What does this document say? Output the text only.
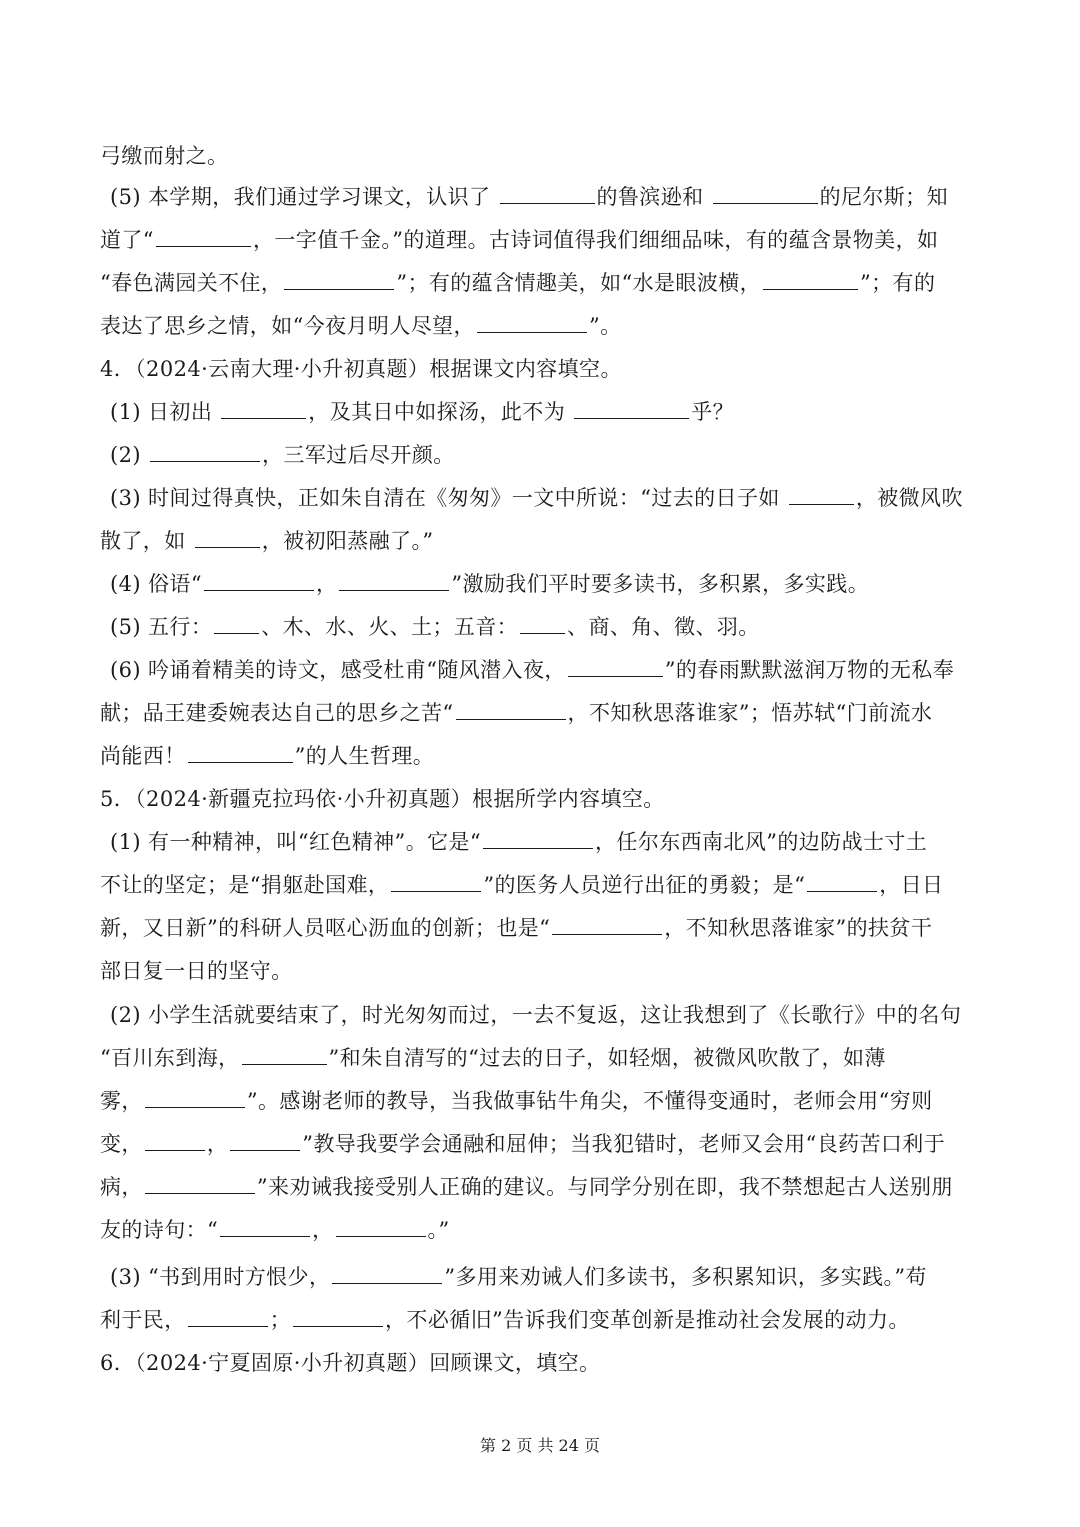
弓缴而射之。
(5) 本学期，我们通过学习课文，认识了	的鲁滨逊和	的尼尔斯；知
道了“	，一字值千金。”的道理。古诗词值得我们细细品味，有的蕴含景物美，如
“春色满园关不住，	”；有的蕴含情趣美，如“水是眼波横，	”；有的
表达了思乡之情，如“今夜月明人尽望，	”。
4．（2024·云南大理·小升初真题）根据课文内容填空。
(1) 日初出	，及其日中如探汤，此不为	乎？
(2)	，三军过后尽开颜。
(3) 时间过得真快，正如朱自清在《匆匆》一文中所说：“过去的日子如	，被微风吹
散了，如	，被初阳蒸融了。”
(4) 俗语“	，	”激励我们平时要多读书，多积累，多实践。
(5) 五行： 、木、水、火、土；五音： 、商、角、徵、羽。
(6) 吟诵着精美的诗文，感受杜甫“随风潜入夜，	”的春雨默默滋润万物的无私奉
献；品王建委婉表达自己的思乡之苦“	，不知秋思落谁家”；悟苏轼“门前流水
尚能西！	”的人生哲理。
5．（2024·新疆克拉玛依·小升初真题）根据所学内容填空。
(1) 有一种精神，叫“红色精神”。它是“	，任尔东西南北风”的边防战士寸土
不让的坚定；是“捐躯赴国难，	”的医务人员逆行出征的勇毅；是“	，日日
新，又日新”的科研人员呕心沥血的创新；也是“	，不知秋思落谁家”的扶贫干
部日复一日的坚守。
(2) 小学生活就要结束了，时光匆匆而过，一去不复返，这让我想到了《长歌行》中的名句
“百川东到海，	”和朱自清写的“过去的日子，如轻烟，被微风吹散了，如薄
雾，	”。感谢老师的教导，当我做事钻牛角尖，不懂得变通时，老师会用“穷则
变，	，	”教导我要学会通融和屈伸；当我犯错时，老师又会用“良药苦口利于
病，	”来劝诫我接受别人正确的建议。与同学分别在即，我不禁想起古人送别朋
友的诗句：“	，	。”
(3) “书到用时方恨少，	”多用来劝诫人们多读书，多积累知识，多实践。”苟
利于民，	；	，不必循旧”告诉我们变革创新是推动社会发展的动力。
6．（2024·宁夏固原·小升初真题）回顾课文，填空。
第 2 页 共 24 页
